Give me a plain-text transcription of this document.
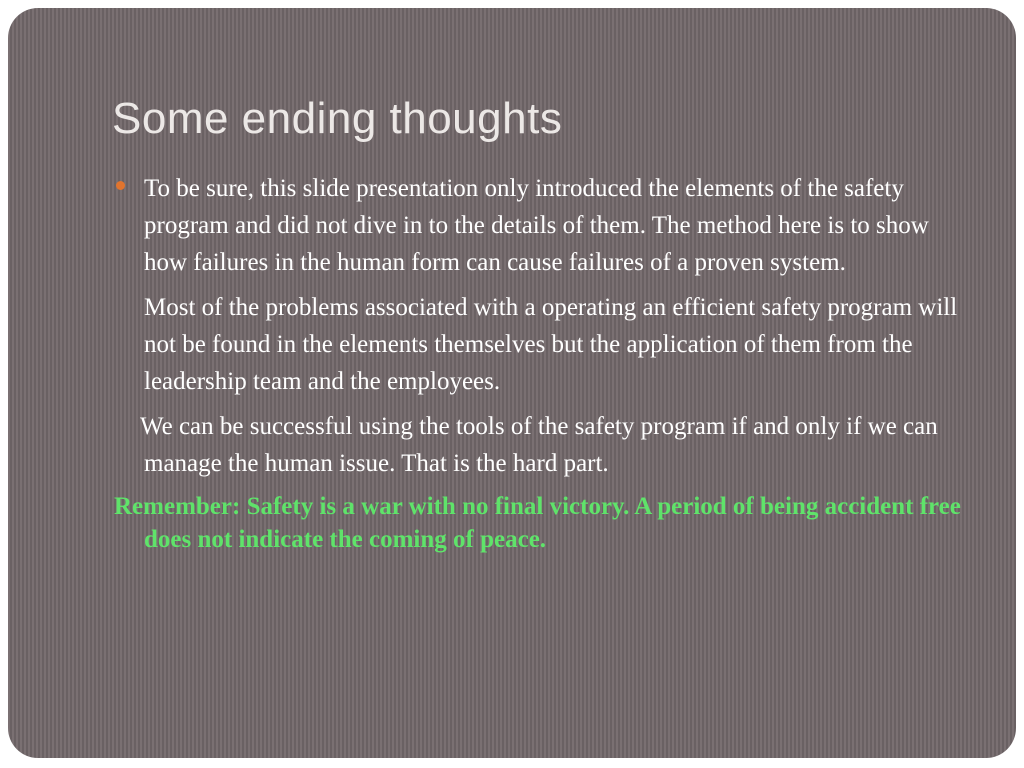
Some ending thoughts

To be sure, this slide presentation only introduced the elements of the safety program and did not dive in to the details of them. The method here is to show how failures in the human form can cause failures of a proven system.

Most of the problems associated with a operating an efficient safety program will not be found in the elements themselves but the application of them from the leadership team and the employees.

We can be successful using the tools of the safety program if and only if we can manage the human issue. That is the hard part.

Remember: Safety is a war with no final victory. A period of being accident free does not indicate the coming of peace.
